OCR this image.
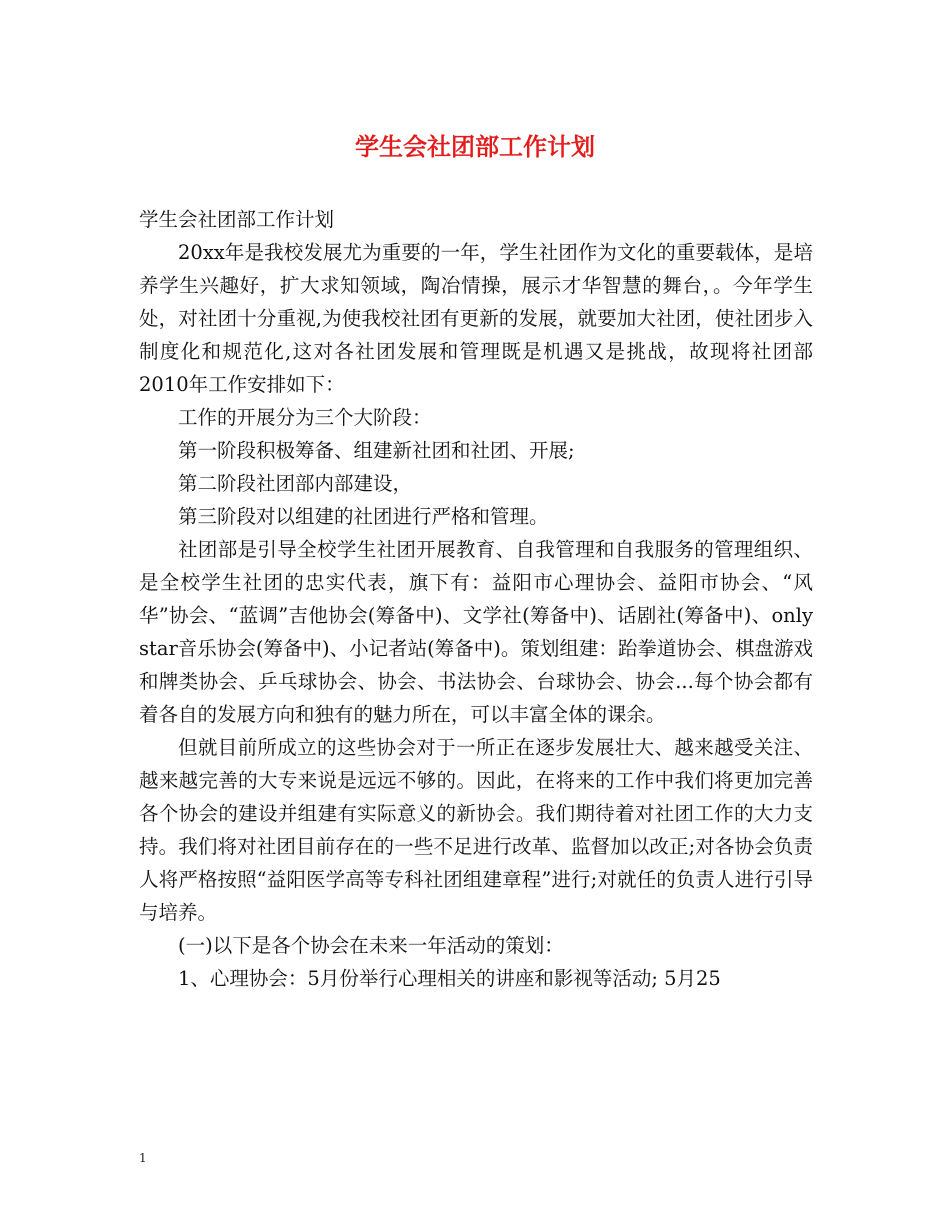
学生会社团部工作计划

学生会社团部工作计划

20xx年是我校发展尤为重要的一年，学生社团作为文化的重要载体，是培养学生兴趣好，扩大求知领域，陶冶情操，展示才华智慧的舞台，。今年学生处，对社团十分重视,为使我校社团有更新的发展，就要加大社团，使社团步入制度化和规范化,这对各社团发展和管理既是机遇又是挑战，故现将社团部2010年工作安排如下：

工作的开展分为三个大阶段：

第一阶段积极筹备、组建新社团和社团、开展;

第二阶段社团部内部建设，

第三阶段对以组建的社团进行严格和管理。

社团部是引导全校学生社团开展教育、自我管理和自我服务的管理组织、是全校学生社团的忠实代表，旗下有：益阳市心理协会、益阳市协会、“风华”协会、“蓝调”吉他协会(筹备中)、文学社(筹备中)、话剧社(筹备中)、only star音乐协会(筹备中)、小记者站(筹备中)。策划组建：跆拳道协会、棋盘游戏和牌类协会、乒乓球协会、协会、书法协会、台球协会、协会...每个协会都有着各自的发展方向和独有的魅力所在，可以丰富全体的课余。

但就目前所成立的这些协会对于一所正在逐步发展壮大、越来越受关注、越来越完善的大专来说是远远不够的。因此，在将来的工作中我们将更加完善各个协会的建设并组建有实际意义的新协会。我们期待着对社团工作的大力支持。我们将对社团目前存在的一些不足进行改革、监督加以改正;对各协会负责人将严格按照“益阳医学高等专科社团组建章程”进行;对就任的负责人进行引导与培养。

(一)以下是各个协会在未来一年活动的策划：

1、心理协会：5月份举行心理相关的讲座和影视等活动; 5月25

1
